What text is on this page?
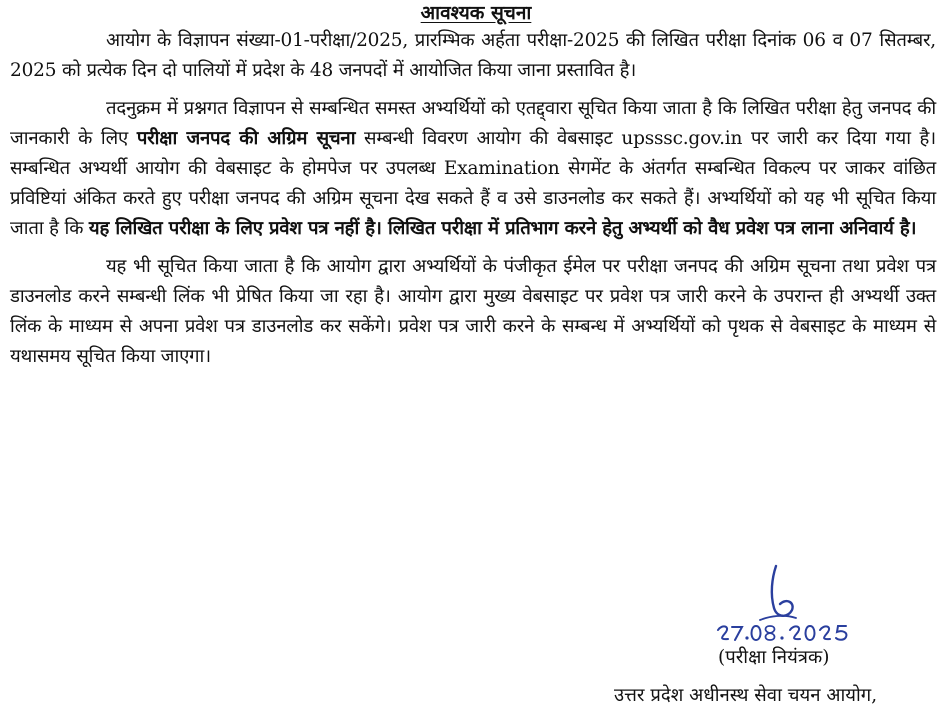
आवश्यक सूचना

आयोग के विज्ञापन संख्या-01-परीक्षा/2025, प्रारम्भिक अर्हता परीक्षा-2025 की लिखित परीक्षा दिनांक 06 व 07 सितम्बर, 2025 को प्रत्येक दिन दो पालियों में प्रदेश के 48 जनपदों में आयोजित किया जाना प्रस्तावित है।

तदनुक्रम में प्रश्नगत विज्ञापन से सम्बन्धित समस्त अभ्यर्थियों को एतद्द्वारा सूचित किया जाता है कि लिखित परीक्षा हेतु जनपद की जानकारी के लिए परीक्षा जनपद की अग्रिम सूचना सम्बन्धी विवरण आयोग की वेबसाइट upsssc.gov.in पर जारी कर दिया गया है। सम्बन्धित अभ्यर्थी आयोग की वेबसाइट के होमपेज पर उपलब्ध Examination सेगमेंट के अंतर्गत सम्बन्धित विकल्प पर जाकर वांछित प्रविष्टियां अंकित करते हुए परीक्षा जनपद की अग्रिम सूचना देख सकते हैं व उसे डाउनलोड कर सकते हैं। अभ्यर्थियों को यह भी सूचित किया जाता है कि यह लिखित परीक्षा के लिए प्रवेश पत्र नहीं है। लिखित परीक्षा में प्रतिभाग करने हेतु अभ्यर्थी को वैध प्रवेश पत्र लाना अनिवार्य है।

यह भी सूचित किया जाता है कि आयोग द्वारा अभ्यर्थियों के पंजीकृत ईमेल पर परीक्षा जनपद की अग्रिम सूचना तथा प्रवेश पत्र डाउनलोड करने सम्बन्धी लिंक भी प्रेषित किया जा रहा है। आयोग द्वारा मुख्य वेबसाइट पर प्रवेश पत्र जारी करने के उपरान्त ही अभ्यर्थी उक्त लिंक के माध्यम से अपना प्रवेश पत्र डाउनलोड कर सकेंगे। प्रवेश पत्र जारी करने के सम्बन्ध में अभ्यर्थियों को पृथक से वेबसाइट के माध्यम से यथासमय सूचित किया जाएगा।

(परीक्षा नियंत्रक)
उत्तर प्रदेश अधीनस्थ सेवा चयन आयोग,
